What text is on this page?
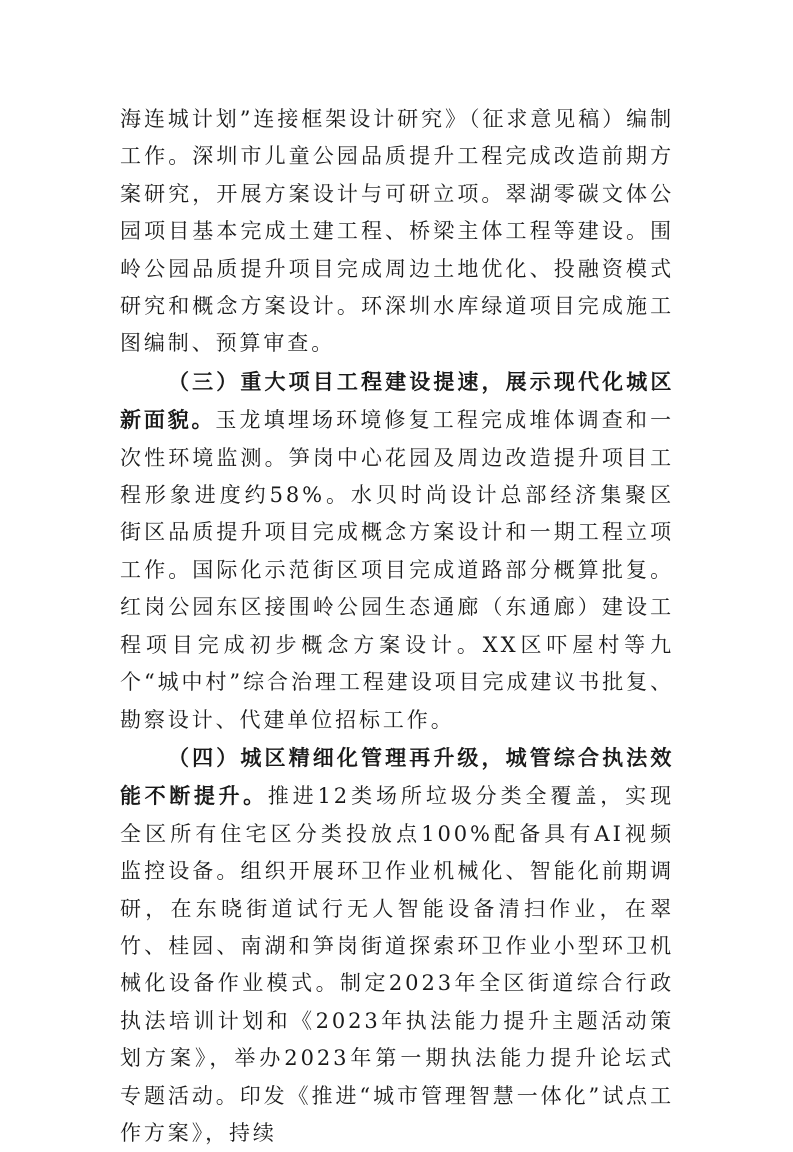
海连城计划”连接框架设计研究》（征求意见稿）编制工作。深圳市儿童公园品质提升工程完成改造前期方案研究，开展方案设计与可研立项。翠湖零碳文体公园项目基本完成土建工程、桥梁主体工程等建设。围岭公园品质提升项目完成周边土地优化、投融资模式研究和概念方案设计。环深圳水库绿道项目完成施工图编制、预算审查。

（三）重大项目工程建设提速，展示现代化城区新面貌。玉龙填埋场环境修复工程完成堆体调查和一次性环境监测。笋岗中心花园及周边改造提升项目工程形象进度约58%。水贝时尚设计总部经济集聚区街区品质提升项目完成概念方案设计和一期工程立项工作。国际化示范街区项目完成道路部分概算批复。红岗公园东区接围岭公园生态通廊（东通廊）建设工程项目完成初步概念方案设计。XX区吓屋村等九个“城中村”综合治理工程建设项目完成建议书批复、勘察设计、代建单位招标工作。

（四）城区精细化管理再升级，城管综合执法效能不断提升。推进12类场所垃圾分类全覆盖，实现全区所有住宅区分类投放点100%配备具有AI视频监控设备。组织开展环卫作业机械化、智能化前期调研，在东晓街道试行无人智能设备清扫作业，在翠竹、桂园、南湖和笋岗街道探索环卫作业小型环卫机械化设备作业模式。制定2023年全区街道综合行政执法培训计划和《2023年执法能力提升主题活动策划方案》，举办2023年第一期执法能力提升论坛式专题活动。印发《推进“城市管理智慧一体化”试点工作方案》，持续
